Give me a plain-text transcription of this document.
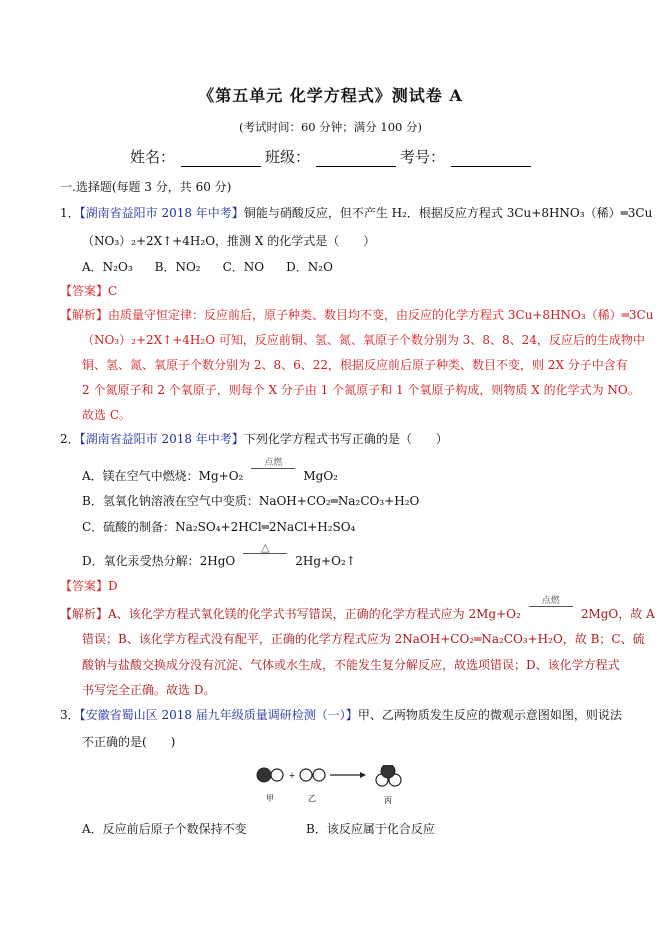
《第五单元 化学方程式》测试卷 A
(考试时间：60 分钟；满分 100 分)
姓名：	班级：	考号：
一.选择题(每题 3 分，共 60 分)
1．【湖南省益阳市 2018 年中考】铜能与硝酸反应，但不产生 H₂．根据反应方程式 3Cu+8HNO₃（稀）═3Cu
（NO₃）₂+2X↑+4H₂O，推测 X 的化学式是（　　）
A．N₂O₃ B．NO₂ C．NO D．N₂O
【答案】C
【解析】由质量守恒定律：反应前后，原子种类、数目均不变，由反应的化学方程式 3Cu+8HNO₃（稀）═3Cu
（NO₃）₂+2X↑+4H₂O 可知，反应前铜、氢、氮、氧原子个数分别为 3、8、8、24，反应后的生成物中
铜、氢、氮、氧原子个数分别为 2、8、6、22，根据反应前后原子种类、数目不变，则 2X 分子中含有
2 个氮原子和 2 个氧原子，则每个 X 分子由 1 个氮原子和 1 个氧原子构成，则物质 X 的化学式为 NO。
故选 C。
2．【湖南省益阳市 2018 年中考】下列化学方程式书写正确的是（　　）
A．镁在空气中燃烧：Mg+O₂
点燃
MgO₂
B．氢氧化钠溶液在空气中变质：NaOH+CO₂═Na₂CO₃+H₂O
C．硫酸的制备：Na₂SO₄+2HCl═2NaCl+H₂SO₄
D．氧化汞受热分解：2HgO
△
2Hg+O₂↑
【答案】D
【解析】A、该化学方程式氧化镁的化学式书写错误，正确的化学方程式应为 2Mg+O₂
点燃
2MgO，故 A
错误；B、该化学方程式没有配平，正确的化学方程式应为 2NaOH+CO₂═Na₂CO₃+H₂O，故 B；C、硫
酸钠与盐酸交换成分没有沉淀、气体或水生成，不能发生复分解反应，故选项错误；D、该化学方程式
书写完全正确。故选 D。
3．【安徽省蜀山区 2018 届九年级质量调研检测（一）】甲、乙两物质发生反应的微观示意图如图，则说法
不正确的是(　　)
+
甲	乙	丙
A．反应前后原子个数保持不变	B．该反应属于化合反应
